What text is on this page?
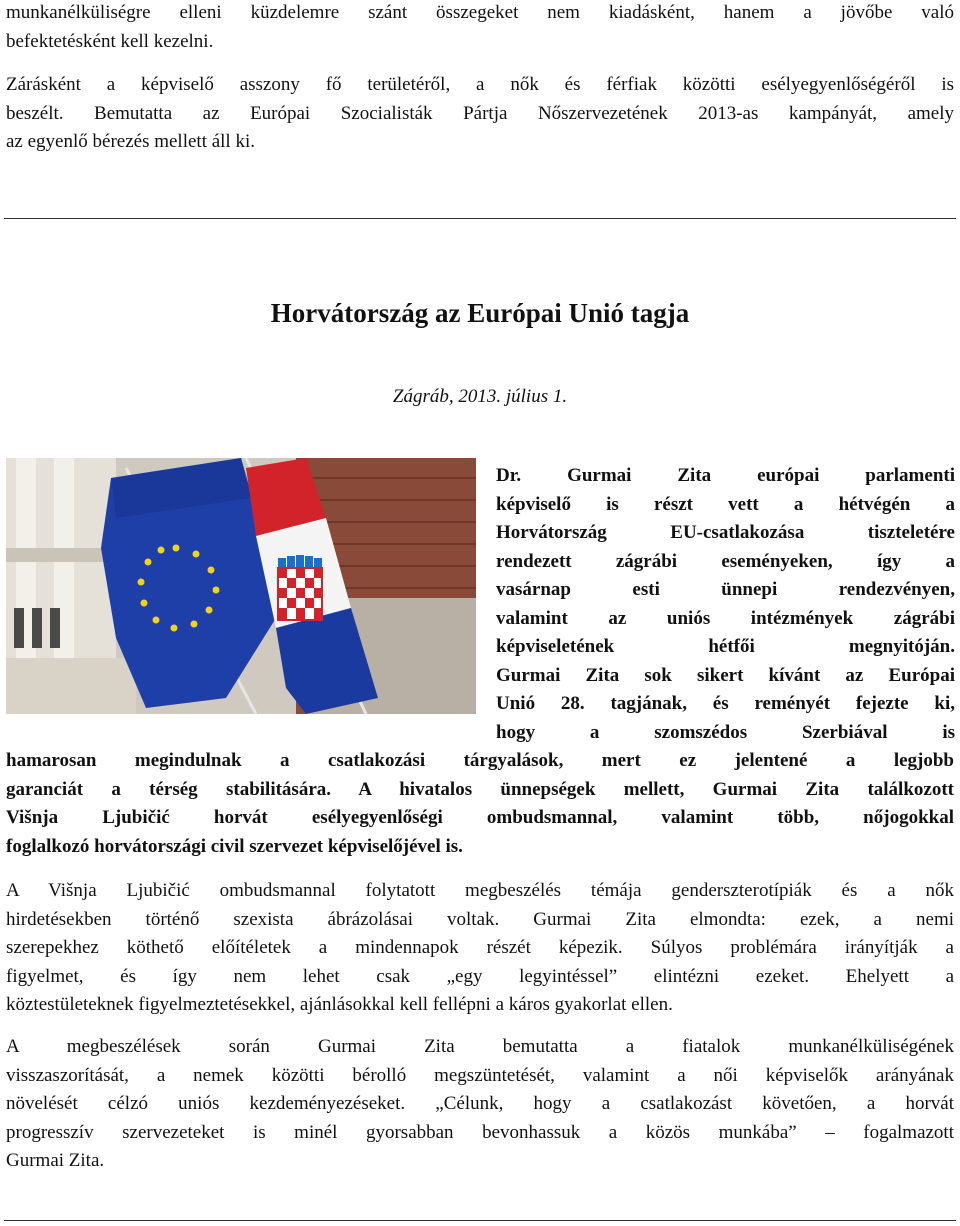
munkanélküliségre elleni küzdelemre szánt összegeket nem kiadásként, hanem a jövőbe való
befektetésként kell kezelni.
Zárásként a képviselő asszony fő területéről, a nők és férfiak közötti esélyegyenlőségéről is
beszélt. Bemutatta az Európai Szocialisták Pártja Nőszervezetének 2013-as kampányát, amely
az egyenlő bérezés mellett áll ki.
Horvátország az Európai Unió tagja
Zágráb, 2013. július 1.
Dr. Gurmai Zita európai parlamenti
képviselő is részt vett a hétvégén a
Horvátország EU-csatlakozása tiszteletére
rendezett zágrábi eseményeken, így a
vasárnap esti ünnepi rendezvényen,
valamint az uniós intézmények zágrábi
képviseletének hétfői megnyitóján.
Gurmai Zita sok sikert kívánt az Európai
Unió 28. tagjának, és reményét fejezte ki,
hogy a szomszédos Szerbiával is
hamarosan megindulnak a csatlakozási tárgyalások, mert ez jelentené a legjobb
garanciát a térség stabilitására. A hivatalos ünnepségek mellett, Gurmai Zita találkozott
Višnja Ljubičić horvát esélyegyenlőségi ombudsmannal, valamint több, nőjogokkal
foglalkozó horvátországi civil szervezet képviselőjével is.
A Višnja Ljubičić ombudsmannal folytatott megbeszélés témája genderszterotípiák és a nők
hirdetésekben történő szexista ábrázolásai voltak. Gurmai Zita elmondta: ezek, a nemi
szerepekhez köthető előítéletek a mindennapok részét képezik. Súlyos problémára irányítják a
figyelmet, és így nem lehet csak „egy legyintéssel” elintézni ezeket. Ehelyett a
köztestületeknek figyelmeztetésekkel, ajánlásokkal kell fellépni a káros gyakorlat ellen.
A megbeszélések során Gurmai Zita bemutatta a fiatalok munkanélküliségének
visszaszorítását, a nemek közötti bérolló megszüntetését, valamint a női képviselők arányának
növelését célzó uniós kezdeményezéseket. „Célunk, hogy a csatlakozást követően, a horvát
progresszív szervezeteket is minél gyorsabban bevonhassuk a közös munkába” – fogalmazott
Gurmai Zita.
